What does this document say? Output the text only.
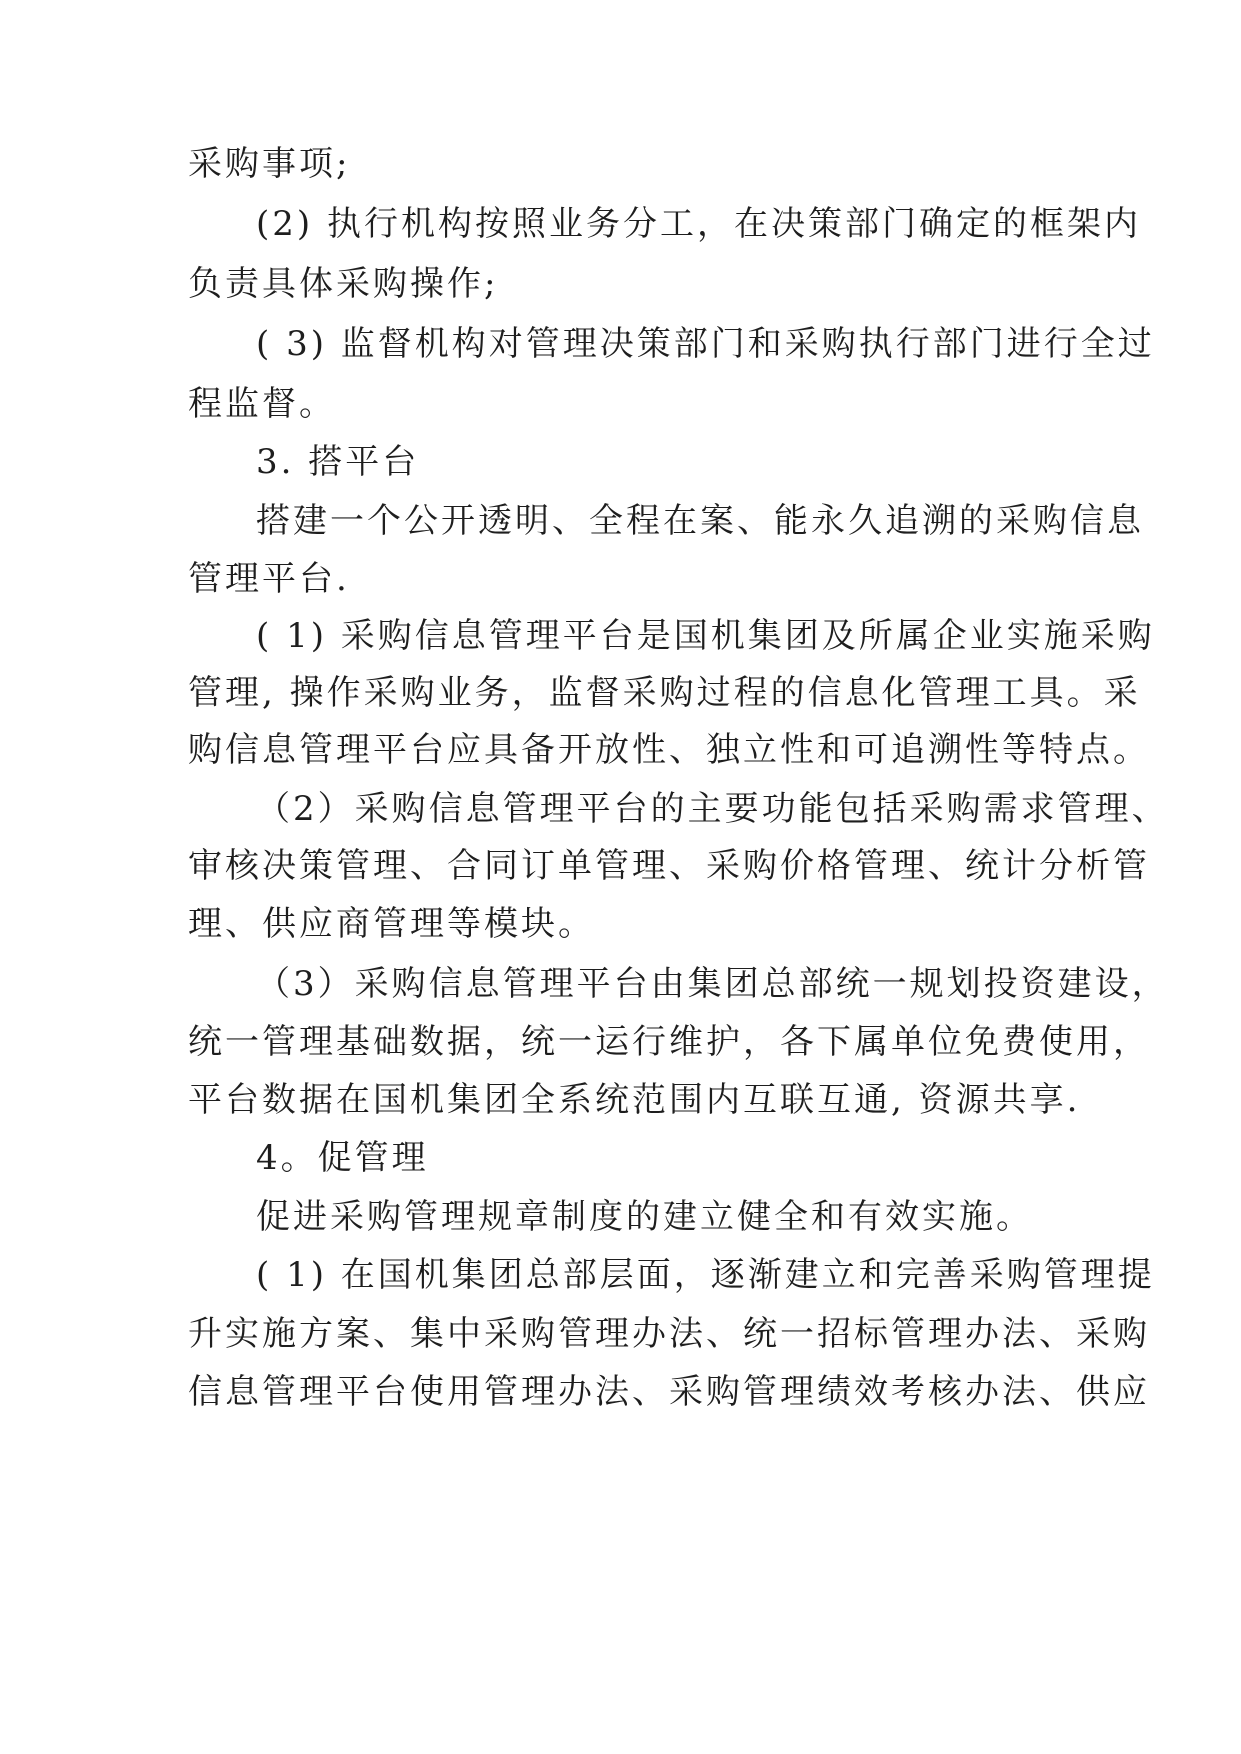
采购事项;
(2) 执行机构按照业务分工，在决策部门确定的框架内
负责具体采购操作;
( 3) 监督机构对管理决策部门和采购执行部门进行全过
程监督。
3. 搭平台
搭建一个公开透明、全程在案、能永久追溯的采购信息
管理平台.
( 1) 采购信息管理平台是国机集团及所属企业实施采购
管理, 操作采购业务，监督采购过程的信息化管理工具。采
购信息管理平台应具备开放性、独立性和可追溯性等特点。
（2）采购信息管理平台的主要功能包括采购需求管理、
审核决策管理、合同订单管理、采购价格管理、统计分析管
理、供应商管理等模块。
（3）采购信息管理平台由集团总部统一规划投资建设，
统一管理基础数据，统一运行维护，各下属单位免费使用，
平台数据在国机集团全系统范围内互联互通, 资源共享.
4。促管理
促进采购管理规章制度的建立健全和有效实施。
( 1) 在国机集团总部层面，逐渐建立和完善采购管理提
升实施方案、集中采购管理办法、统一招标管理办法、采购
信息管理平台使用管理办法、采购管理绩效考核办法、供应
